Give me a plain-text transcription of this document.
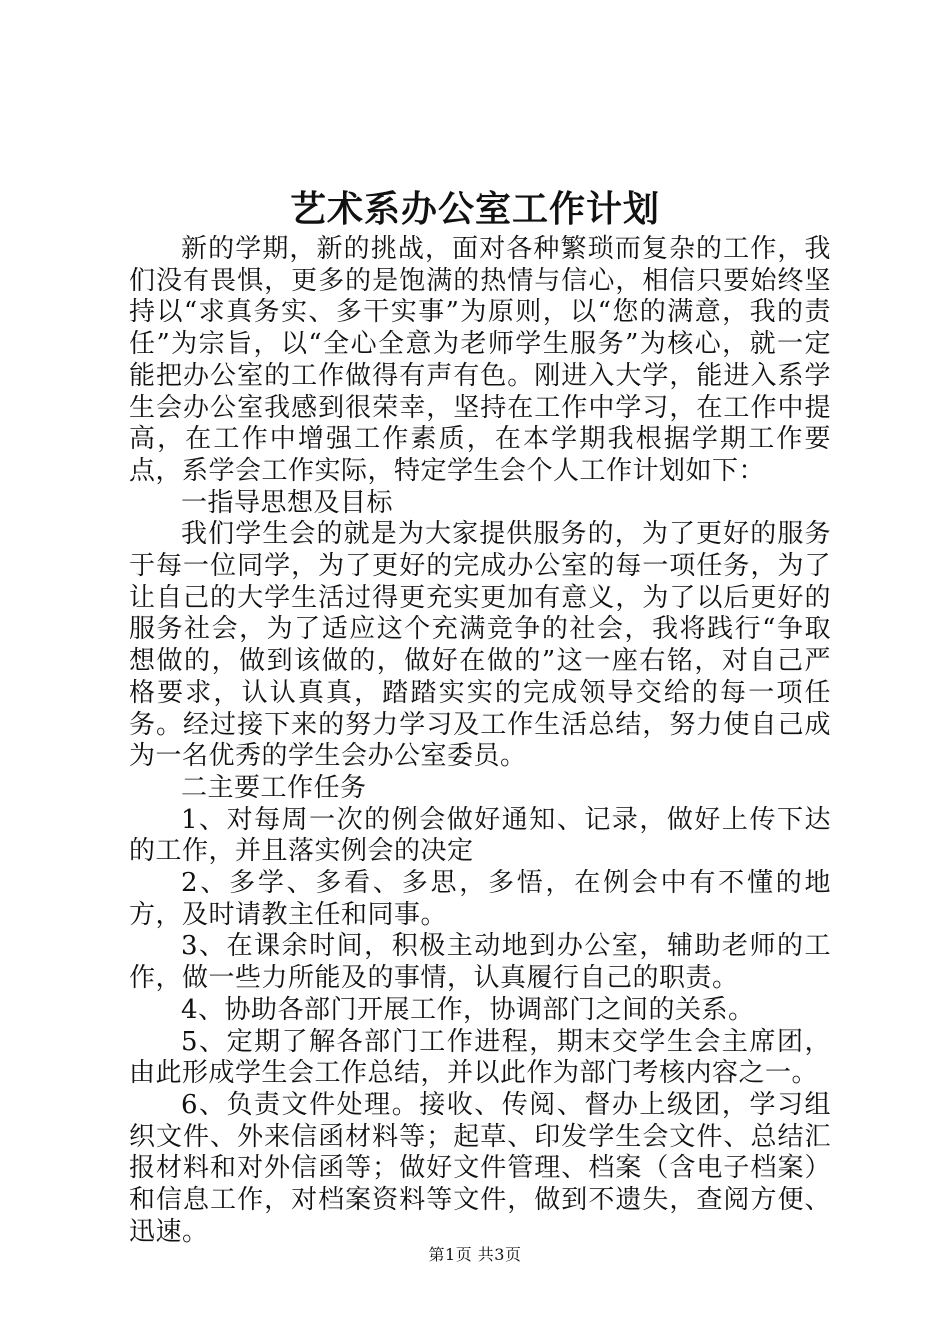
艺术系办公室工作计划

新的学期，新的挑战，面对各种繁琐而复杂的工作，我们没有畏惧，更多的是饱满的热情与信心，相信只要始终坚持以“求真务实、多干实事”为原则，以“您的满意，我的责任”为宗旨，以“全心全意为老师学生服务”为核心，就一定能把办公室的工作做得有声有色。刚进入大学，能进入系学生会办公室我感到很荣幸，坚持在工作中学习，在工作中提高，在工作中增强工作素质，在本学期我根据学期工作要点，系学会工作实际，特定学生会个人工作计划如下：

一指导思想及目标

我们学生会的就是为大家提供服务的，为了更好的服务于每一位同学，为了更好的完成办公室的每一项任务，为了让自己的大学生活过得更充实更加有意义，为了以后更好的服务社会，为了适应这个充满竞争的社会，我将践行“争取想做的，做到该做的，做好在做的”这一座右铭，对自己严格要求，认认真真，踏踏实实的完成领导交给的每一项任务。经过接下来的努力学习及工作生活总结，努力使自己成为一名优秀的学生会办公室委员。

二主要工作任务

1、对每周一次的例会做好通知、记录，做好上传下达的工作，并且落实例会的决定

2、多学、多看、多思，多悟，在例会中有不懂的地方，及时请教主任和同事。

3、在课余时间，积极主动地到办公室，辅助老师的工作，做一些力所能及的事情，认真履行自己的职责。

4、协助各部门开展工作，协调部门之间的关系。

5、定期了解各部门工作进程，期末交学生会主席团，由此形成学生会工作总结，并以此作为部门考核内容之一。

6、负责文件处理。接收、传阅、督办上级团，学习组织文件、外来信函材料等；起草、印发学生会文件、总结汇报材料和对外信函等；做好文件管理、档案（含电子档案）和信息工作，对档案资料等文件，做到不遗失，查阅方便、迅速。

第1页 共3页
